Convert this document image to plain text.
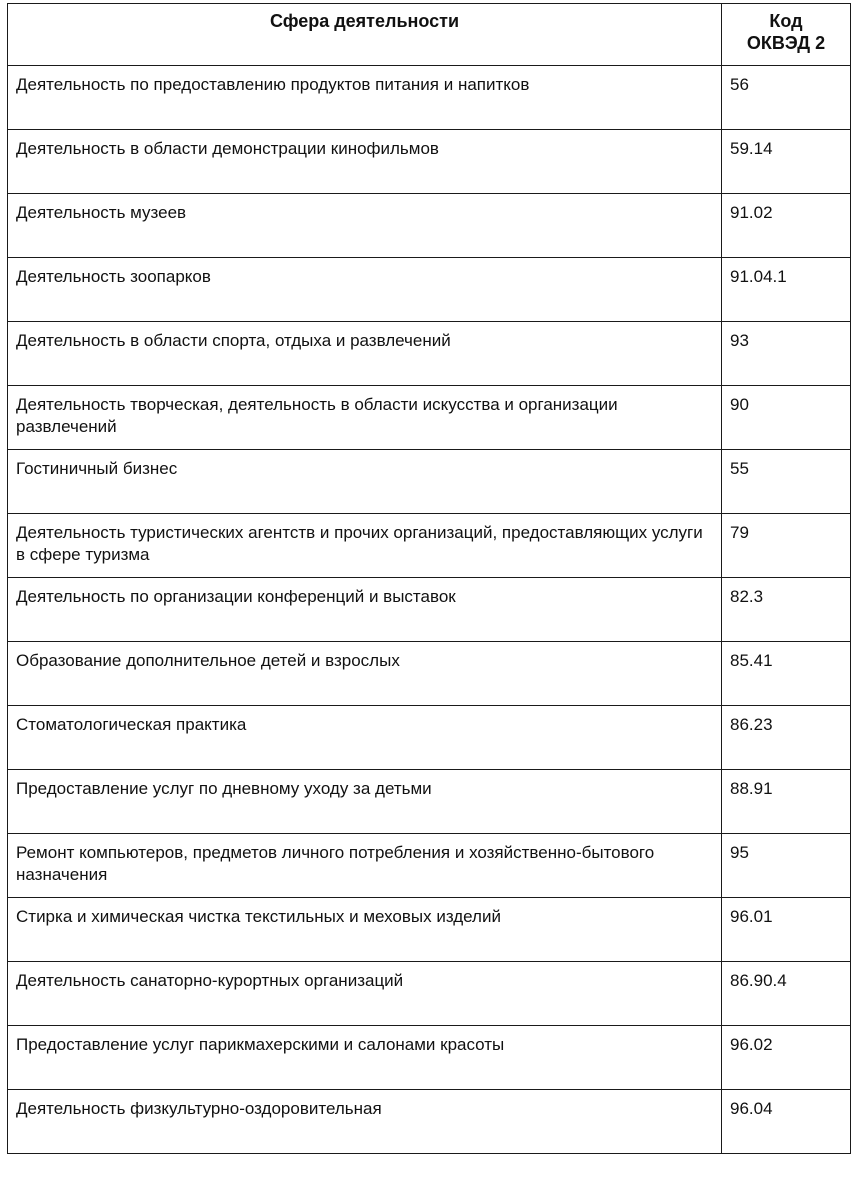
Сфера деятельности	Код
ОКВЭД 2

Деятельность по предоставлению продуктов питания и напитков	56

Деятельность в области демонстрации кинофильмов	59.14

Деятельность музеев	91.02

Деятельность зоопарков	91.04.1

Деятельность в области спорта, отдыха и развлечений	93

Деятельность творческая, деятельность в области искусства и организации развлечений	90

Гостиничный бизнес	55

Деятельность туристических агентств и прочих организаций, предоставляющих услуги в сфере туризма	79

Деятельность по организации конференций и выставок	82.3

Образование дополнительное детей и взрослых	85.41

Стоматологическая практика	86.23

Предоставление услуг по дневному уходу за детьми	88.91

Ремонт компьютеров, предметов личного потребления и хозяйственно-бытового назначения	95

Стирка и химическая чистка текстильных и меховых изделий	96.01

Деятельность санаторно-курортных организаций	86.90.4

Предоставление услуг парикмахерскими и салонами красоты	96.02

Деятельность физкультурно-оздоровительная	96.04
